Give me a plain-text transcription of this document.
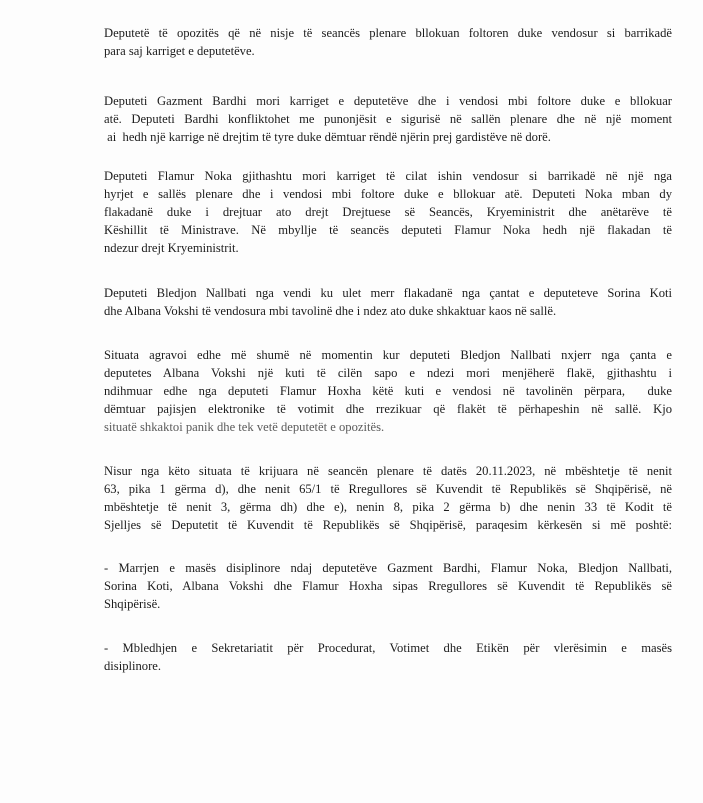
Deputetë të opozitës që në nisje të seancës plenare bllokuan foltoren duke vendosur si barrikadë
para saj karriget e deputetëve.
Deputeti Gazment Bardhi mori karriget e deputetëve dhe i vendosi mbi foltore duke e bllokuar
atë. Deputeti Bardhi konfliktohet me punonjësit e sigurisë në sallën plenare dhe në një moment
ai  hedh një karrige në drejtim të tyre duke dëmtuar rëndë njërin prej gardistëve në dorë.
Deputeti Flamur Noka gjithashtu mori karriget të cilat ishin vendosur si barrikadë në një nga
hyrjet e sallës plenare dhe i vendosi mbi foltore duke e bllokuar atë. Deputeti Noka mban dy
flakadanë duke i drejtuar ato drejt Drejtuese së Seancës, Kryeministrit dhe anëtarëve të
Këshillit të Ministrave. Në mbyllje të seancës deputeti Flamur Noka hedh një flakadan të
ndezur drejt Kryeministrit.
Deputeti Bledjon Nallbati nga vendi ku ulet merr flakadanë nga çantat e deputeteve Sorina Koti
dhe Albana Vokshi të vendosura mbi tavolinë dhe i ndez ato duke shkaktuar kaos në sallë.
Situata agravoi edhe më shumë në momentin kur deputeti Bledjon Nallbati nxjerr nga çanta e
deputetes Albana Vokshi një kuti të cilën sapo e ndezi mori menjëherë flakë, gjithashtu i
ndihmuar edhe nga deputeti Flamur Hoxha këtë kuti e vendosi në tavolinën përpara,  duke
dëmtuar pajisjen elektronike të votimit dhe rrezikuar që flakët të përhapeshin në sallë. Kjo
situatë shkaktoi panik dhe tek vetë deputetët e opozitës.
Nisur nga këto situata të krijuara në seancën plenare të datës 20.11.2023, në mbështetje të nenit
63, pika 1 gërma d), dhe nenit 65/1 të Rregullores së Kuvendit të Republikës së Shqipërisë, në
mbështetje të nenit 3, gërma dh) dhe e), nenin 8, pika 2 gërma b) dhe nenin 33 të Kodit të
Sjelljes së Deputetit të Kuvendit të Republikës së Shqipërisë, paraqesim kërkesën si më poshtë:
- Marrjen e masës disiplinore ndaj deputetëve Gazment Bardhi, Flamur Noka, Bledjon Nallbati,
Sorina Koti, Albana Vokshi dhe Flamur Hoxha sipas Rregullores së Kuvendit të Republikës së
Shqipërisë.
- Mbledhjen e Sekretariatit për Procedurat, Votimet dhe Etikën për vlerësimin e masës
disiplinore.
